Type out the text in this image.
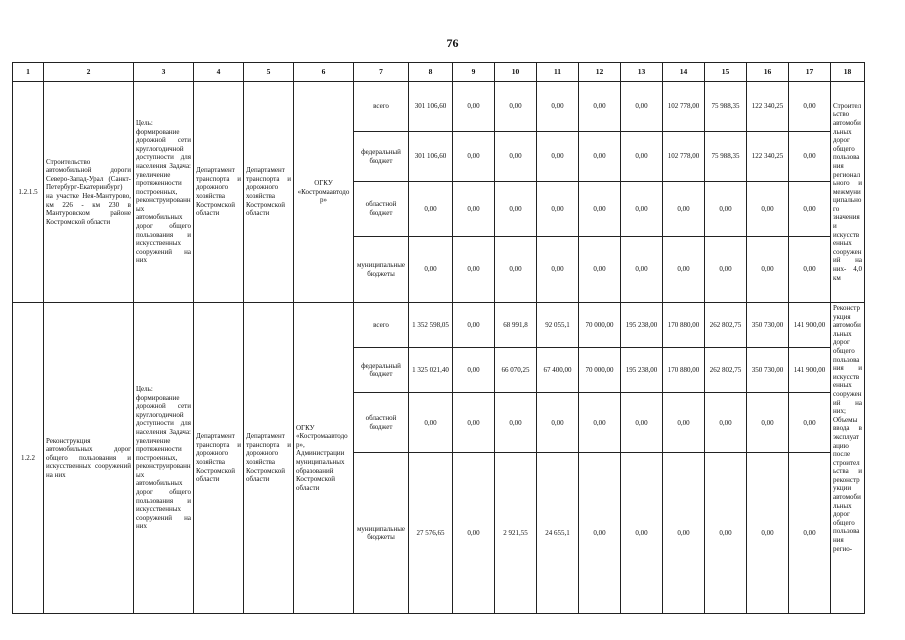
76
1	2	3	4	5	6	7	8	9	10	11	12	13	14	15	16	17	18
1.2.1.5	Строительство автомобильной дороги Северо-Запад-Урал (Санкт-Петербург-Екатеринбург) на участке Нея-Мантурово, км 226 - км 230 в Мантуровском районе Костромской области	Цель: формирование дорожной сети круглогодичной доступности для населения Задача: увеличение протяженности построенных, реконструированных автомобильных дорог общего пользования и искусственных сооружений на них	Департамент транспорта и дорожного хозяйства Костромской области	Департамент транспорта и дорожного хозяйства Костромской области	ОГКУ «Костромаавтодор»	всего	301 106,60	0,00	0,00	0,00	0,00	0,00	102 778,00	75 988,35	122 340,25	0,00	Строительство автомобильных дорог общего пользования регионального и межмуниципального значения и искусственных сооружений на них- 4,0 км
						федеральный бюджет	301 106,60	0,00	0,00	0,00	0,00	0,00	102 778,00	75 988,35	122 340,25	0,00	
						областной бюджет	0,00	0,00	0,00	0,00	0,00	0,00	0,00	0,00	0,00	0,00	
						муниципальные бюджеты	0,00	0,00	0,00	0,00	0,00	0,00	0,00	0,00	0,00	0,00	
1.2.2	Реконструкция автомобильных дорог общего пользования и искусственных сооружений на них	Цель: формирование дорожной сети круглогодичной доступности для населения Задача: увеличение протяженности построенных, реконструированных автомобильных дорог общего пользования и искусственных сооружений на них	Департамент транспорта и дорожного хозяйства Костромской области	Департамент транспорта и дорожного хозяйства Костромской области	ОГКУ «Костромаавтодор», Администрации муниципальных образований Костромской области	всего	1 352 598,05	0,00	68 991,8	92 055,1	70 000,00	195 238,00	170 880,00	262 802,75	350 730,00	141 900,00	Реконструкция автомобильных дорог общего пользования и искусственных сооружений на них; Объемы ввода в эксплуатацию после строительства и реконструкции автомобильных дорог общего пользования регио-

						федеральный бюджет	1 325 021,40	0,00	66 070,25	67 400,00	70 000,00	195 238,00	170 880,00	262 802,75	350 730,00	141 900,00	
						областной бюджет	0,00	0,00	0,00	0,00	0,00	0,00	0,00	0,00	0,00	0,00	
						муниципальные бюджеты	27 576,65	0,00	2 921,55	24 655,1	0,00	0,00	0,00	0,00	0,00	0,00	
